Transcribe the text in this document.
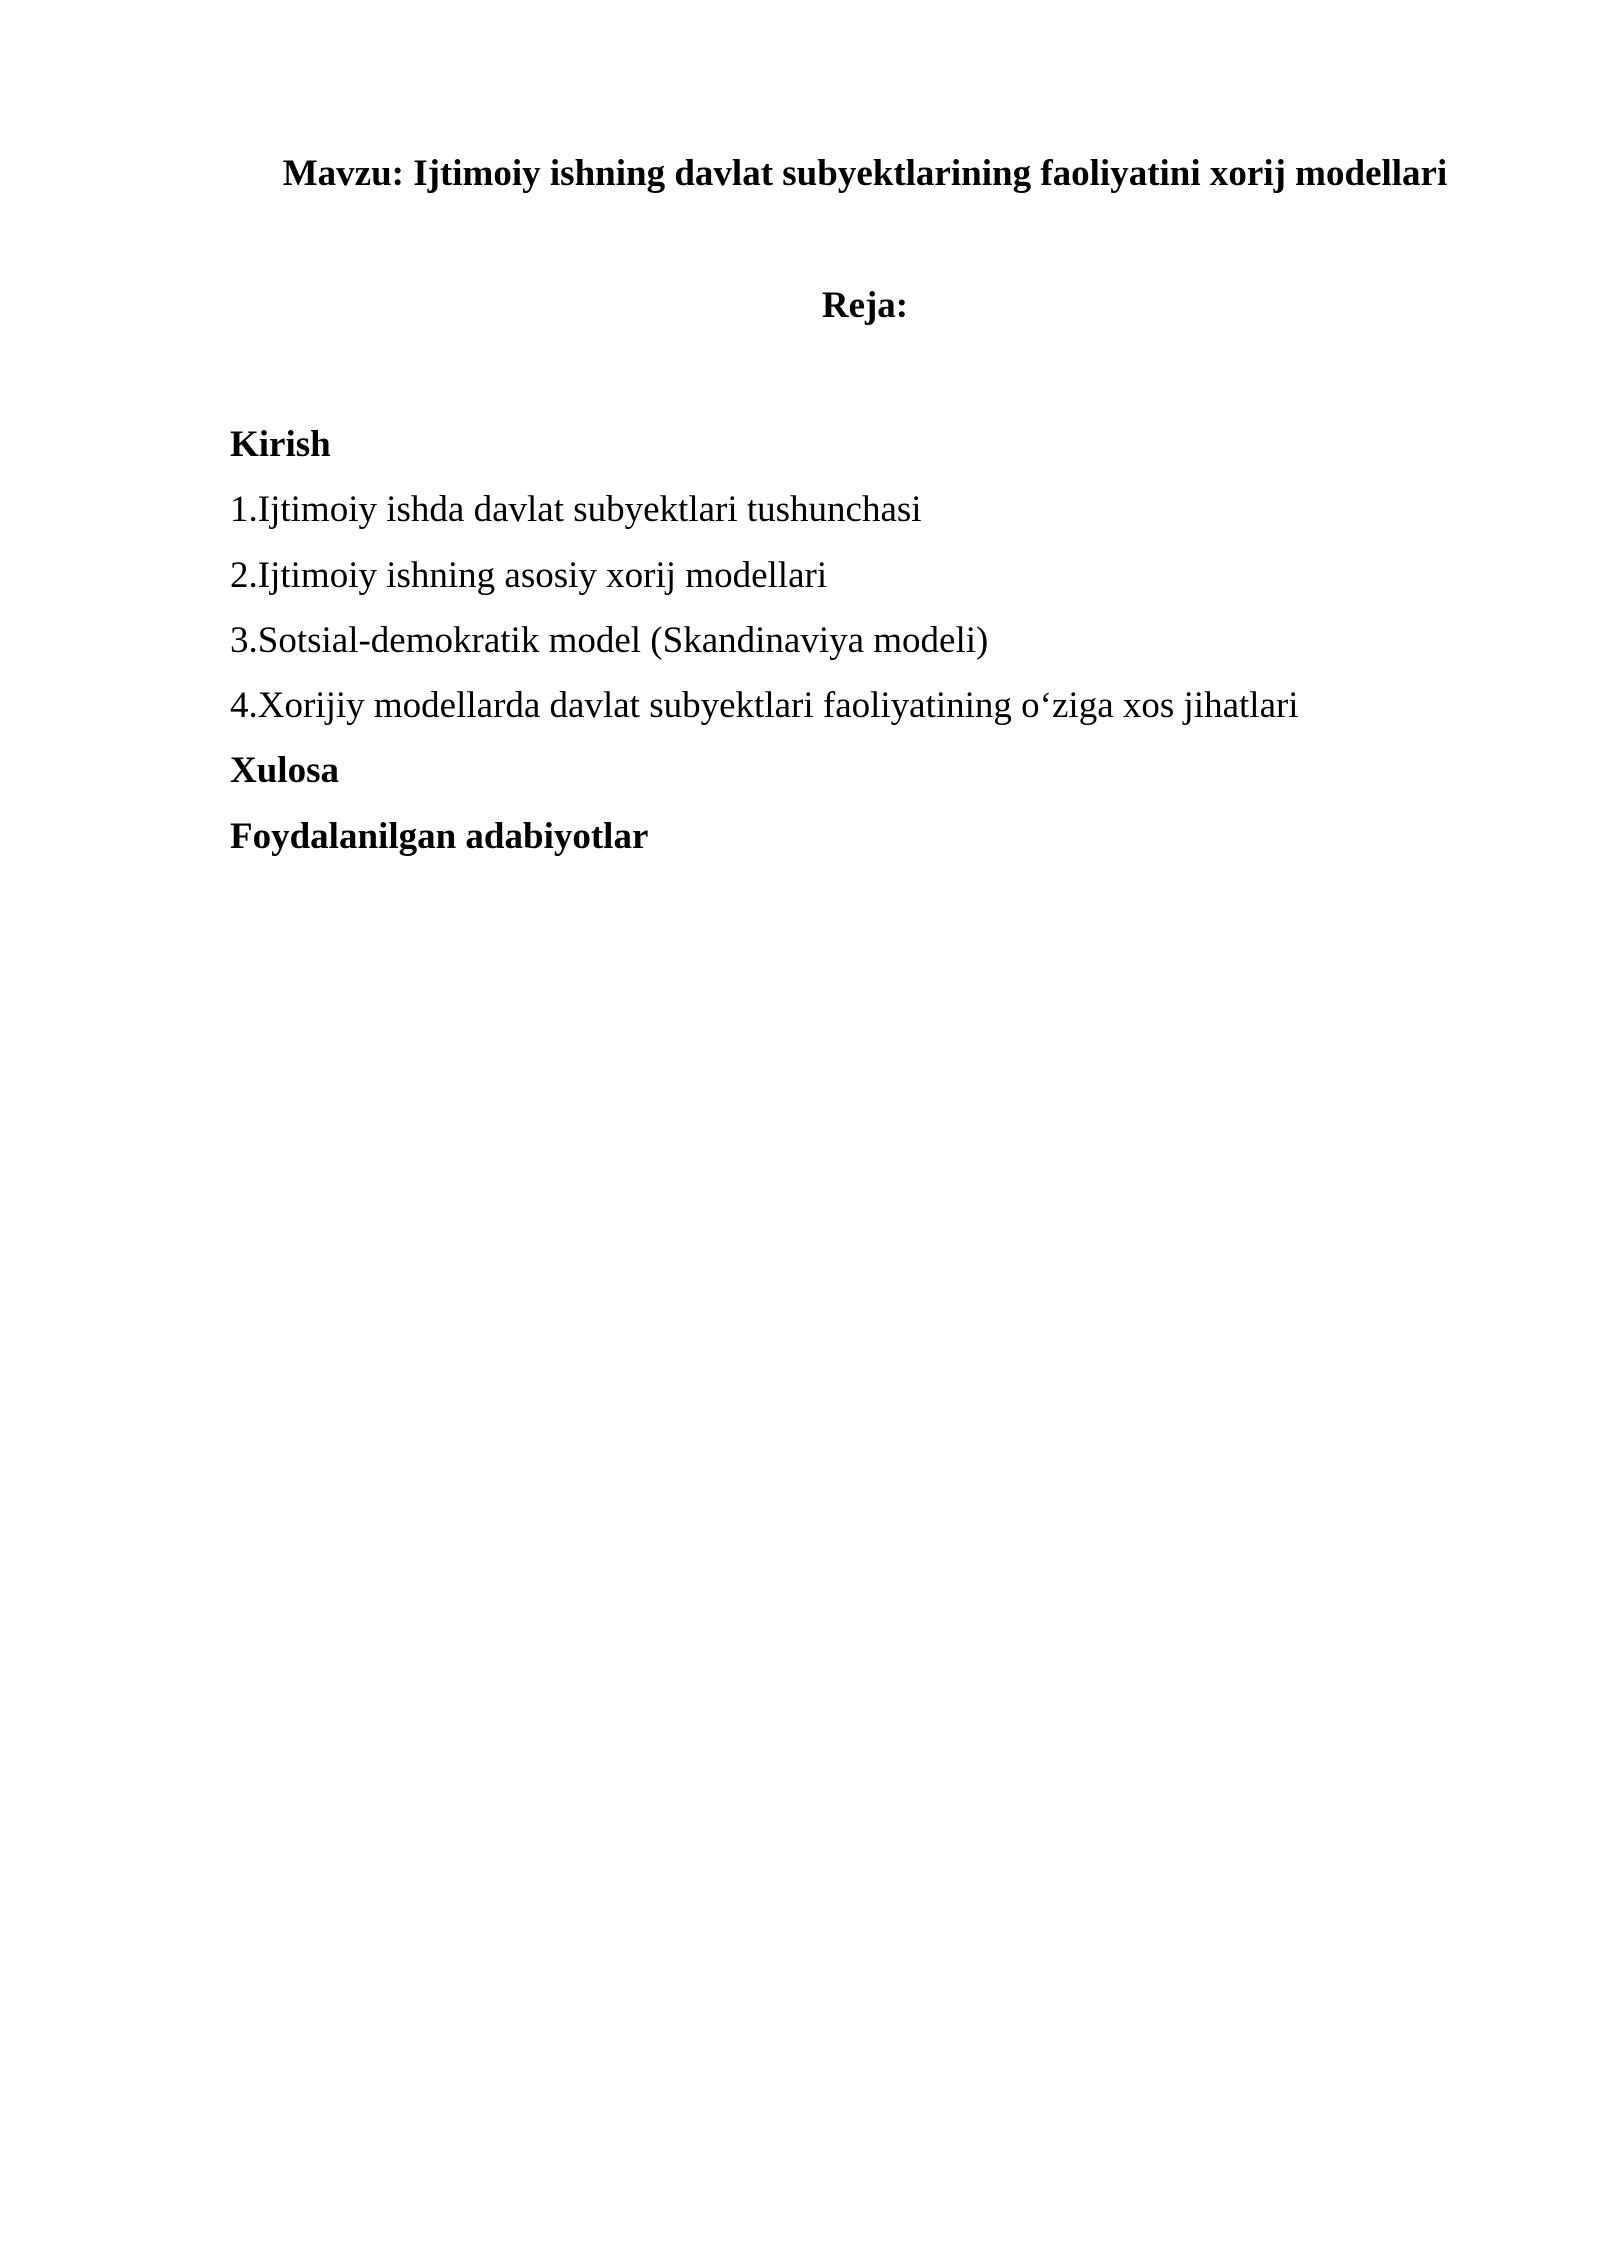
Mavzu: Ijtimoiy ishning davlat subyektlarining faoliyatini xorij modellari
Reja:
Kirish
1.Ijtimoiy ishda davlat subyektlari tushunchasi
2.Ijtimoiy ishning asosiy xorij modellari
3.Sotsial-demokratik model (Skandinaviya modeli)
4.Xorijiy modellarda davlat subyektlari faoliyatining o‘ziga xos jihatlari
Xulosa
Foydalanilgan adabiyotlar
